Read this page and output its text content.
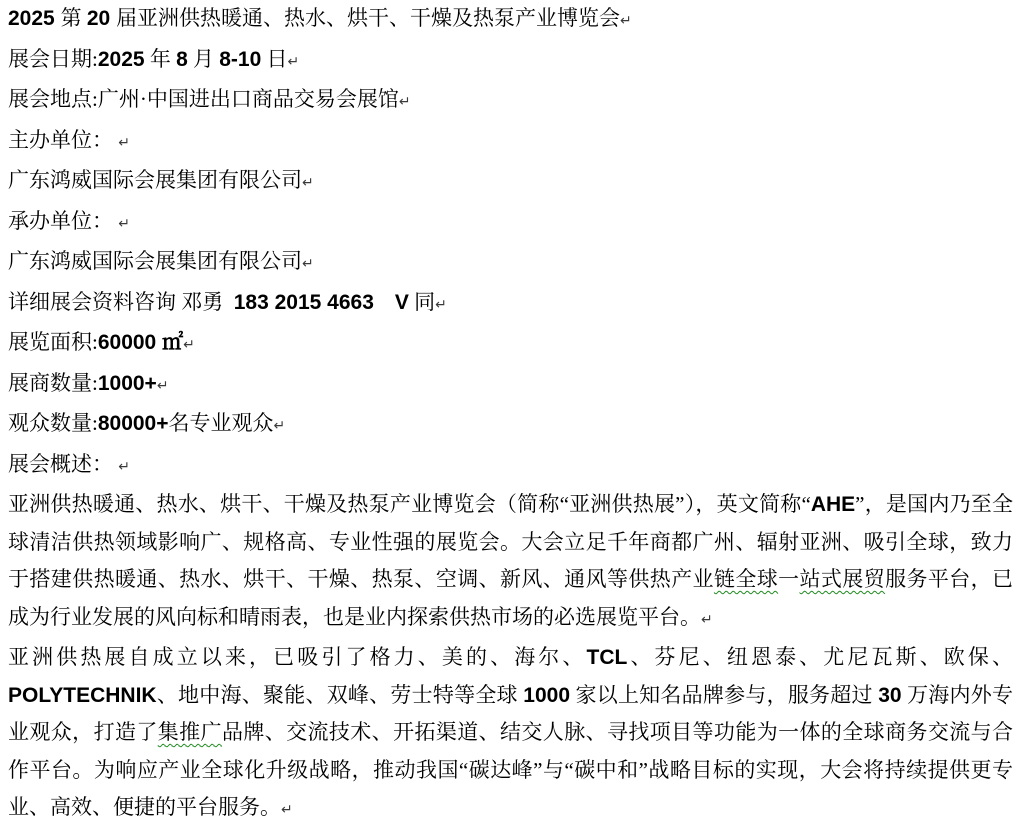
2025 第 20 届亚洲供热暖通、热水、烘干、干燥及热泵产业博览会↵

展会日期:2025 年 8 月 8-10 日↵

展会地点:广州·中国进出口商品交易会展馆↵

主办单位： ↵

广东鸿威国际会展集团有限公司↵

承办单位： ↵

广东鸿威国际会展集团有限公司↵

详细展会资料咨询 邓勇  183 2015 4663 V 同↵

展览面积:60000 ㎡↵

展商数量:1000+↵

观众数量:80000+名专业观众↵

展会概述： ↵

亚洲供热暖通、热水、烘干、干燥及热泵产业博览会（简称“亚洲供热展”），英文简称“AHE”，是国内乃至全球清洁供热领域影响广、规格高、专业性强的展览会。大会立足千年商都广州、辐射亚洲、吸引全球，致力于搭建供热暖通、热水、烘干、干燥、热泵、空调、新风、通风等供热产业链全球一站式展贸服务平台，已成为行业发展的风向标和晴雨表，也是业内探索供热市场的必选展览平台。↵

亚洲供热展自成立以来，已吸引了格力、美的、海尔、TCL、芬尼、纽恩泰、尤尼瓦斯、欧保、POLYTECHNIK、地中海、聚能、双峰、劳士特等全球 1000 家以上知名品牌参与，服务超过 30 万海内外专业观众，打造了集推广品牌、交流技术、开拓渠道、结交人脉、寻找项目等功能为一体的全球商务交流与合作平台。为响应产业全球化升级战略，推动我国“碳达峰”与“碳中和”战略目标的实现，大会将持续提供更专业、高效、便捷的平台服务。↵
